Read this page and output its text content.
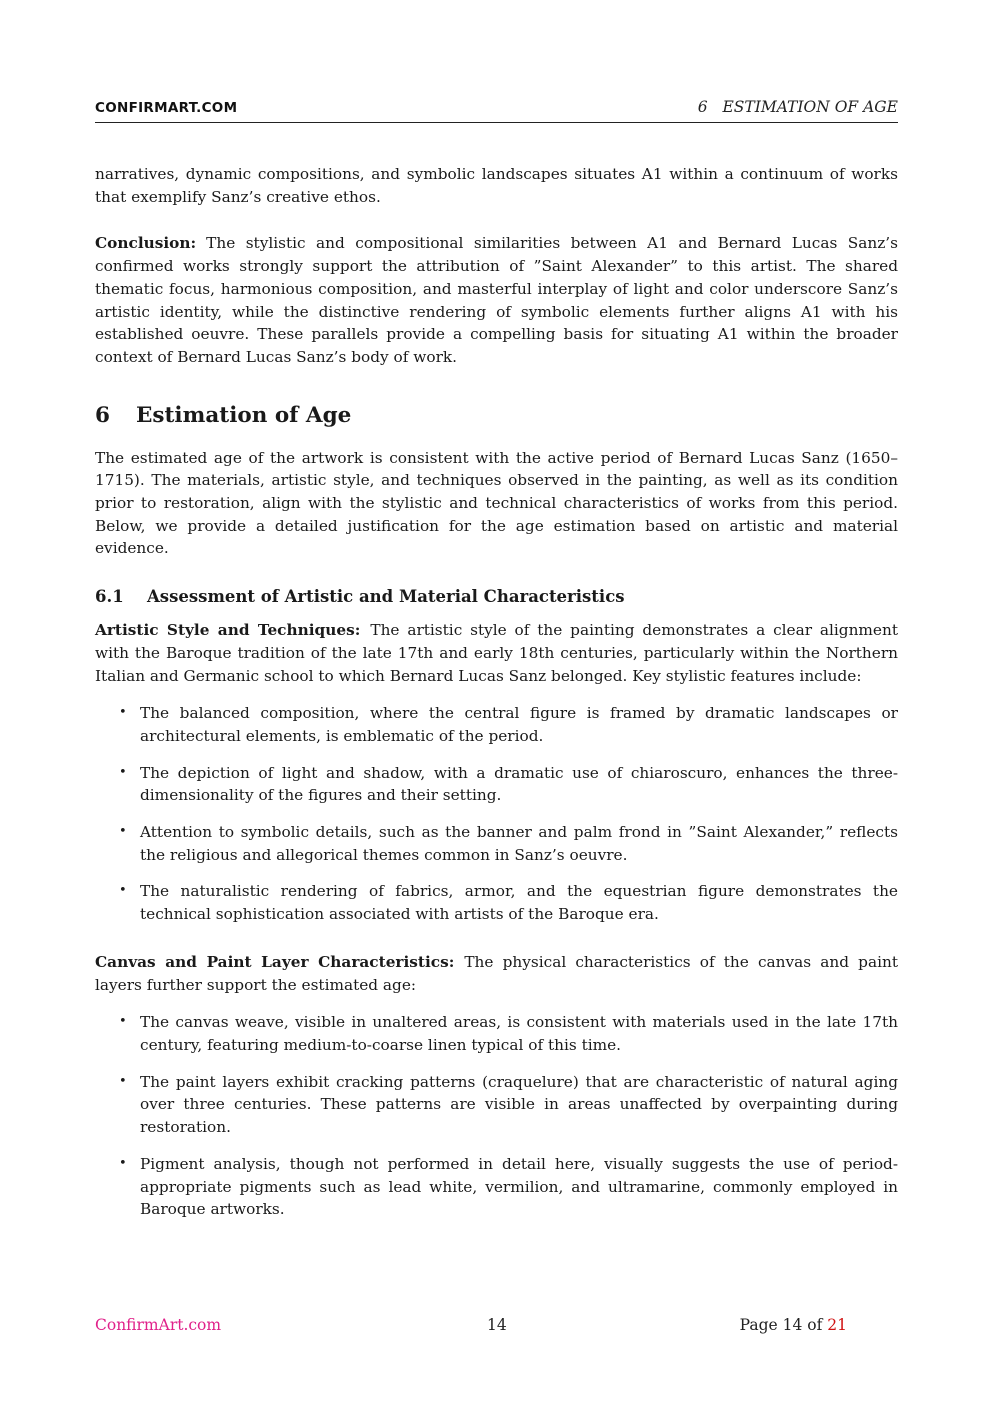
CONFIRMART.COM	6   ESTIMATION OF AGE

narratives, dynamic compositions, and symbolic landscapes situates A1 within a continuum of works that exemplify Sanz’s creative ethos.

Conclusion: The stylistic and compositional similarities between A1 and Bernard Lucas Sanz’s confirmed works strongly support the attribution of ”Saint Alexander” to this artist. The shared thematic focus, harmonious composition, and masterful interplay of light and color underscore Sanz’s artistic identity, while the distinctive rendering of symbolic elements further aligns A1 with his established oeuvre. These parallels provide a compelling basis for situating A1 within the broader context of Bernard Lucas Sanz’s body of work.

6 Estimation of Age

The estimated age of the artwork is consistent with the active period of Bernard Lucas Sanz (1650–1715). The materials, artistic style, and techniques observed in the painting, as well as its condition prior to restoration, align with the stylistic and technical characteristics of works from this period. Below, we provide a detailed justification for the age estimation based on artistic and material evidence.

6.1 Assessment of Artistic and Material Characteristics

Artistic Style and Techniques: The artistic style of the painting demonstrates a clear alignment with the Baroque tradition of the late 17th and early 18th centuries, particularly within the Northern Italian and Germanic school to which Bernard Lucas Sanz belonged. Key stylistic features include:

• The balanced composition, where the central figure is framed by dramatic landscapes or architectural elements, is emblematic of the period.
• The depiction of light and shadow, with a dramatic use of chiaroscuro, enhances the three-dimensionality of the figures and their setting.
• Attention to symbolic details, such as the banner and palm frond in ”Saint Alexander,” reflects the religious and allegorical themes common in Sanz’s oeuvre.
• The naturalistic rendering of fabrics, armor, and the equestrian figure demonstrates the technical sophistication associated with artists of the Baroque era.

Canvas and Paint Layer Characteristics: The physical characteristics of the canvas and paint layers further support the estimated age:

• The canvas weave, visible in unaltered areas, is consistent with materials used in the late 17th century, featuring medium-to-coarse linen typical of this time.
• The paint layers exhibit cracking patterns (craquelure) that are characteristic of natural aging over three centuries. These patterns are visible in areas unaffected by overpainting during restoration.
• Pigment analysis, though not performed in detail here, visually suggests the use of period-appropriate pigments such as lead white, vermilion, and ultramarine, commonly employed in Baroque artworks.
ConfirmArt.com	14	Page 14 of 21
